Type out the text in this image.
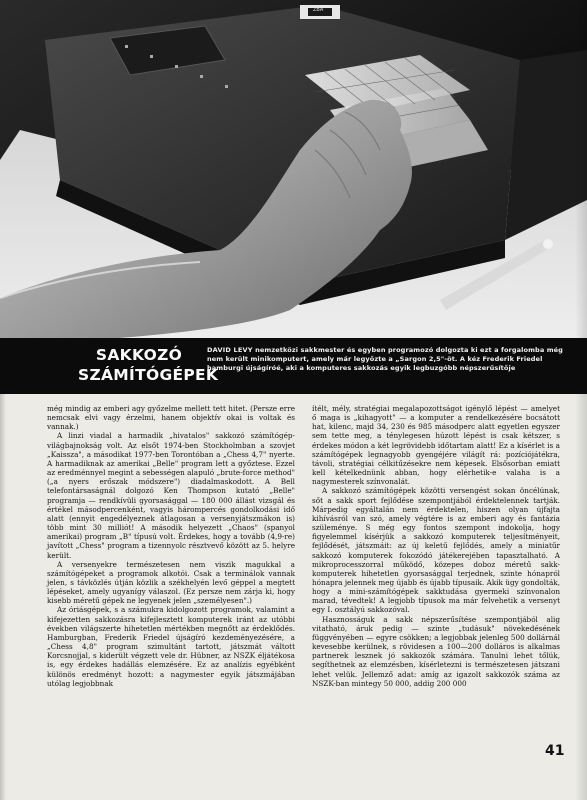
ZBA
SAKKOZÓ
SZÁMÍTÓGÉPEK
DAVID LEVY nemzetközi sakkmester és egyben programozó dolgozta ki ezt a forgalomba még nem került minikomputert, amely már legyőzte a „Sargon 2,5"-öt. A kéz Frederik Friedel hamburgi újságíróé, aki a komputeres sakkozás egyik legbuzgóbb népszerűsítője

még mindig az emberi agy győzelme mellett tett hitet. (Persze erre nemcsak elvi vagy érzelmi, hanem objektív okai is voltak és vannak.)

A linzi viadal a harmadik „hivatalos" sakkozó számítógép-világbajnokság volt. Az elsőt 1974-ben Stockholmban a szovjet „Kaissza", a másodikat 1977-ben Torontóban a „Chess 4,7" nyerte. A harmadiknak az amerikai „Belle" program lett a győztese. Ezzel az eredménnyel megint a sebességen alapuló „brute-force method" („a nyers erőszak módszere") diadalmaskodott. A Bell telefontársaságnál dolgozó Ken Thompson kutató „Belle" programja — rendkívüli gyorsasággal — 180 000 állást vizsgál és értékel másodpercenként, vagyis hárompercés gondolkodási idő alatt (ennyit engedélyeznek átlagosan a versenyjátszmákon is) több mint 30 milliót! A második helyezett „Chaos" (spanyol amerikai) program „B" típusú volt. Érdekes, hogy a tovább (4,9-re) javított „Chess" program a tizennyolc résztvevő között az 5. helyre került.

A versenyekre természetesen nem viszik magukkal a számítógépeket a programok alkotói. Csak a terminálok vannak jelen, s távközlés útján közlik a székhelyén levő géppel a megtett lépéseket, amely ugyanígy válaszol. (Ez persze nem zárja ki, hogy kisebb méretű gépek ne legyenek jelen „személyesen".)

Az óriásgépek, s a számukra kidolgozott programok, valamint a kifejezetten sakkozásra kifejlesztett komputerek iránt az utóbbi években világszerte hihetetlen mértékben megnőtt az érdeklődés. Hamburgban, Frederik Friedel újságíró kezdeményezésére, a „Chess 4,8" program szimultánt tartott, játszmát váltott Korcsnojjal, s kiderült végzett vele dr. Hübner, az NSZK éljátékosa is, egy érdekes hadállás elemzésére. Ez az analízis egyébként különös eredményt hozott: a nagymester egyik játszmájában utólag legjobbnak

ítélt, mély, stratégiai megalapozottságot igénylő lépést — amelyet ő maga is „kihagyott" — a komputer a rendelkezésére bocsátott hat, kilenc, majd 34, 230 és 985 másodperc alatt egyetlen egyszer sem tette meg, a ténylegesen húzott lépést is csak kétszer, s érdekes módon a két legrövidebb időtartam alatt! Ez a kísérlet is a számítógépek legnagyobb gyengéjére világít rá: pozíciójátékra, távoli, stratégiai célkitűzésekre nem képesek. Elsősorban emiatt kell kételkednünk abban, hogy elérhetik-e valaha is a nagymesterek színvonalát.

A sakkozó számítógépek közötti versengést sokan öncélúnak, sőt a sakk sport fejlődése szempontjából érdektelennek tartják. Márpedig egyáltalán nem érdektelen, hiszen olyan újfajta kihívásról van szó, amely végtére is az emberi agy és fantázia szüleménye. S még egy fontos szempont indokolja, hogy figyelemmel kísérjük a sakkozó komputerek teljesítményeit, fejlődését, játszmáit: az új keletű fejlődés, amely a miniatűr sakkozó komputerek fokozódó játékerejében tapasztalható. A mikroprocesszorral működő, közepes doboz méretű sakk-komputerek hihetetlen gyorsasággal terjednek, szinte hónapról hónapra jelennek meg újabb és újabb típusaik. Akik ügy gondolták, hogy a mini-számítógépek sakktudása gyermeki színvonalon marad, tévedtek! A legjobb típusok ma már felvehetik a versenyt egy I. osztályú sakkozóval.

Hasznosságuk a sakk népszerűsítése szempontjából alig vitatható, áruk pedig — szinte „tudásuk" növekedésének függvényében — egyre csökken; a legjobbak jelenleg 500 dollárnál kevesebbe kerülnek, s rövidesen a 100—200 dolláros is alkalmas partnerek lesznek jó sakkozók számára. Tanulni lehet tőlük, segíthetnek az elemzésben, kísérletezni is természetesen játszani lehet velük. Jellemző adat: amíg az igazolt sakkozók száma az NSZK-ban mintegy 50 000, addig 200 000

41
